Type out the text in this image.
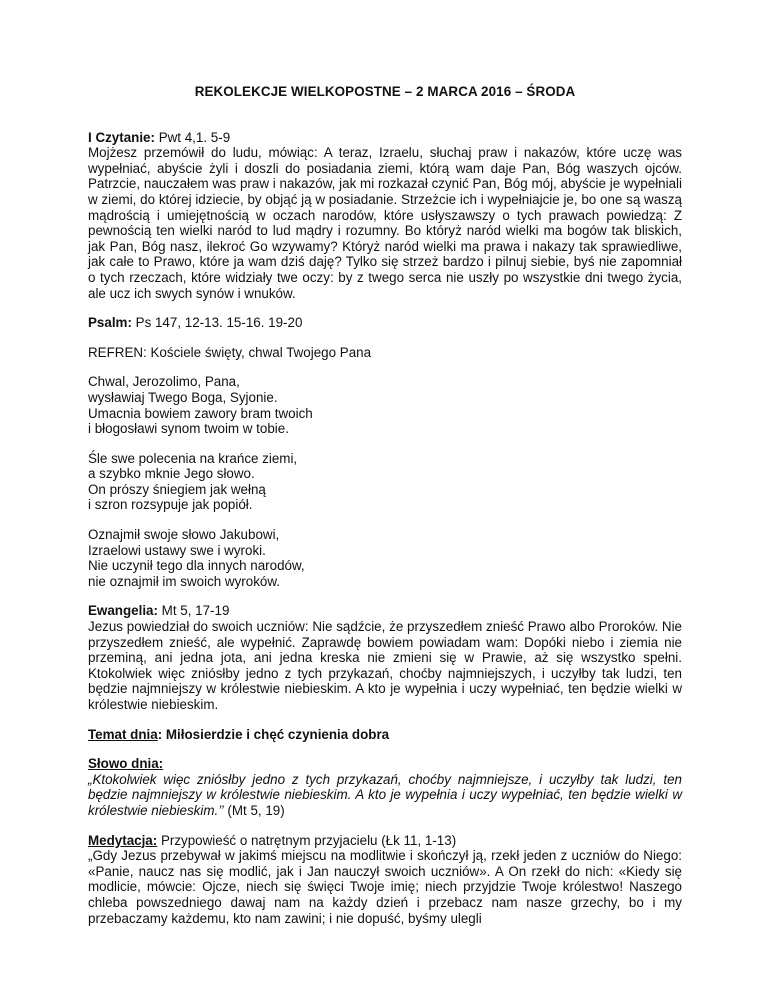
REKOLEKCJE WIELKOPOSTNE – 2 MARCA 2016 – ŚRODA

I Czytanie: Pwt 4,1. 5-9

Mojżesz przemówił do ludu, mówiąc: A teraz, Izraelu, słuchaj praw i nakazów, które uczę was wypełniać, abyście żyli i doszli do posiadania ziemi, którą wam daje Pan, Bóg waszych ojców. Patrzcie, nauczałem was praw i nakazów, jak mi rozkazał czynić Pan, Bóg mój, abyście je wypełniali w ziemi, do której idziecie, by objąć ją w posiadanie. Strzeżcie ich i wypełniajcie je, bo one są waszą mądrością i umiejętnością w oczach narodów, które usłyszawszy o tych prawach powiedzą: Z pewnością ten wielki naród to lud mądry i rozumny. Bo któryż naród wielki ma bogów tak bliskich, jak Pan, Bóg nasz, ilekroć Go wzywamy? Któryż naród wielki ma prawa i nakazy tak sprawiedliwe, jak całe to Prawo, które ja wam dziś daję? Tylko się strzeż bardzo i pilnuj siebie, byś nie zapomniał o tych rzeczach, które widziały twe oczy: by z twego serca nie uszły po wszystkie dni twego życia, ale ucz ich swych synów i wnuków.

Psalm: Ps 147, 12-13. 15-16. 19-20

REFREN: Kościele święty, chwal Twojego Pana

Chwal, Jerozolimo, Pana,

wysławiaj Twego Boga, Syjonie.

Umacnia bowiem zawory bram twoich

i błogosławi synom twoim w tobie.

Śle swe polecenia na krańce ziemi,

a szybko mknie Jego słowo.

On prószy śniegiem jak wełną

i szron rozsypuje jak popiół.

Oznajmił swoje słowo Jakubowi,

Izraelowi ustawy swe i wyroki.

Nie uczynił tego dla innych narodów,

nie oznajmił im swoich wyroków.

Ewangelia: Mt 5, 17-19

Jezus powiedział do swoich uczniów: Nie sądźcie, że przyszedłem znieść Prawo albo Proroków. Nie przyszedłem znieść, ale wypełnić. Zaprawdę bowiem powiadam wam: Dopóki niebo i ziemia nie przeminą, ani jedna jota, ani jedna kreska nie zmieni się w Prawie, aż się wszystko spełni. Ktokolwiek więc zniósłby jedno z tych przykazań, choćby najmniejszych, i uczyłby tak ludzi, ten będzie najmniejszy w królestwie niebieskim. A kto je wypełnia i uczy wypełniać, ten będzie wielki w królestwie niebieskim.

Temat dnia: Miłosierdzie i chęć czynienia dobra

Słowo dnia:

„Ktokolwiek więc zniósłby jedno z tych przykazań, choćby najmniejsze, i uczyłby tak ludzi, ten będzie najmniejszy w królestwie niebieskim. A kto je wypełnia i uczy wypełniać, ten będzie wielki w królestwie niebieskim.’’ (Mt 5, 19)

Medytacja: Przypowieść o natrętnym przyjacielu (Łk 11, 1-13)

„Gdy Jezus przebywał w jakimś miejscu na modlitwie i skończył ją, rzekł jeden z uczniów do Niego: «Panie, naucz nas się modlić, jak i Jan nauczył swoich uczniów». A On rzekł do nich: «Kiedy się modlicie, mówcie: Ojcze, niech się święci Twoje imię; niech przyjdzie Twoje królestwo! Naszego chleba powszedniego dawaj nam na każdy dzień i przebacz nam nasze grzechy, bo i my przebaczamy każdemu, kto nam zawini; i nie dopuść, byśmy ulegli
